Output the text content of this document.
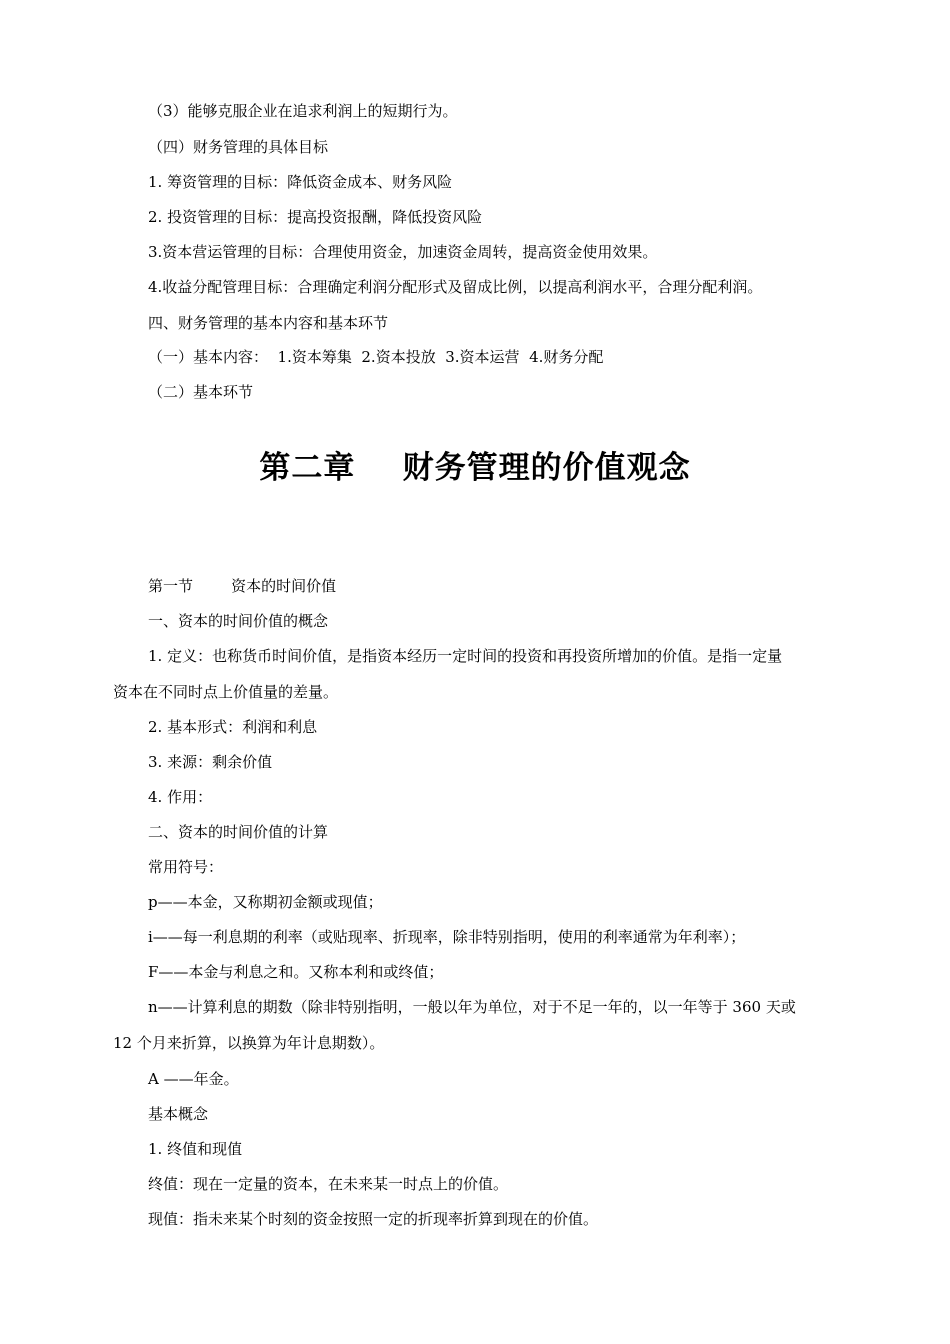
（3）能够克服企业在追求利润上的短期行为。
（四）财务管理的具体目标
1. 筹资管理的目标：降低资金成本、财务风险
2. 投资管理的目标：提高投资报酬，降低投资风险
3.资本营运管理的目标：合理使用资金，加速资金周转，提高资金使用效果。
4.收益分配管理目标：合理确定利润分配形式及留成比例，以提高利润水平，合理分配利润。
四、财务管理的基本内容和基本环节
（一）基本内容：  1.资本筹集  2.资本投放  3.资本运营  4.财务分配
（二）基本环节
第二章    财务管理的价值观念
第一节        资本的时间价值
一、资本的时间价值的概念
1. 定义：也称货币时间价值，是指资本经历一定时间的投资和再投资所增加的价值。是指一定量
资本在不同时点上价值量的差量。
2. 基本形式：利润和利息
3. 来源：剩余价值
4. 作用：
二、资本的时间价值的计算
常用符号：
p——本金，又称期初金额或现值；
i——每一利息期的利率（或贴现率、折现率，除非特别指明，使用的利率通常为年利率）；
F——本金与利息之和。又称本利和或终值；
n——计算利息的期数（除非特别指明，一般以年为单位，对于不足一年的，以一年等于 360 天或
12 个月来折算，以换算为年计息期数）。
A ——年金。
基本概念
1. 终值和现值
终值：现在一定量的资本，在未来某一时点上的价值。
现值：指未来某个时刻的资金按照一定的折现率折算到现在的价值。
